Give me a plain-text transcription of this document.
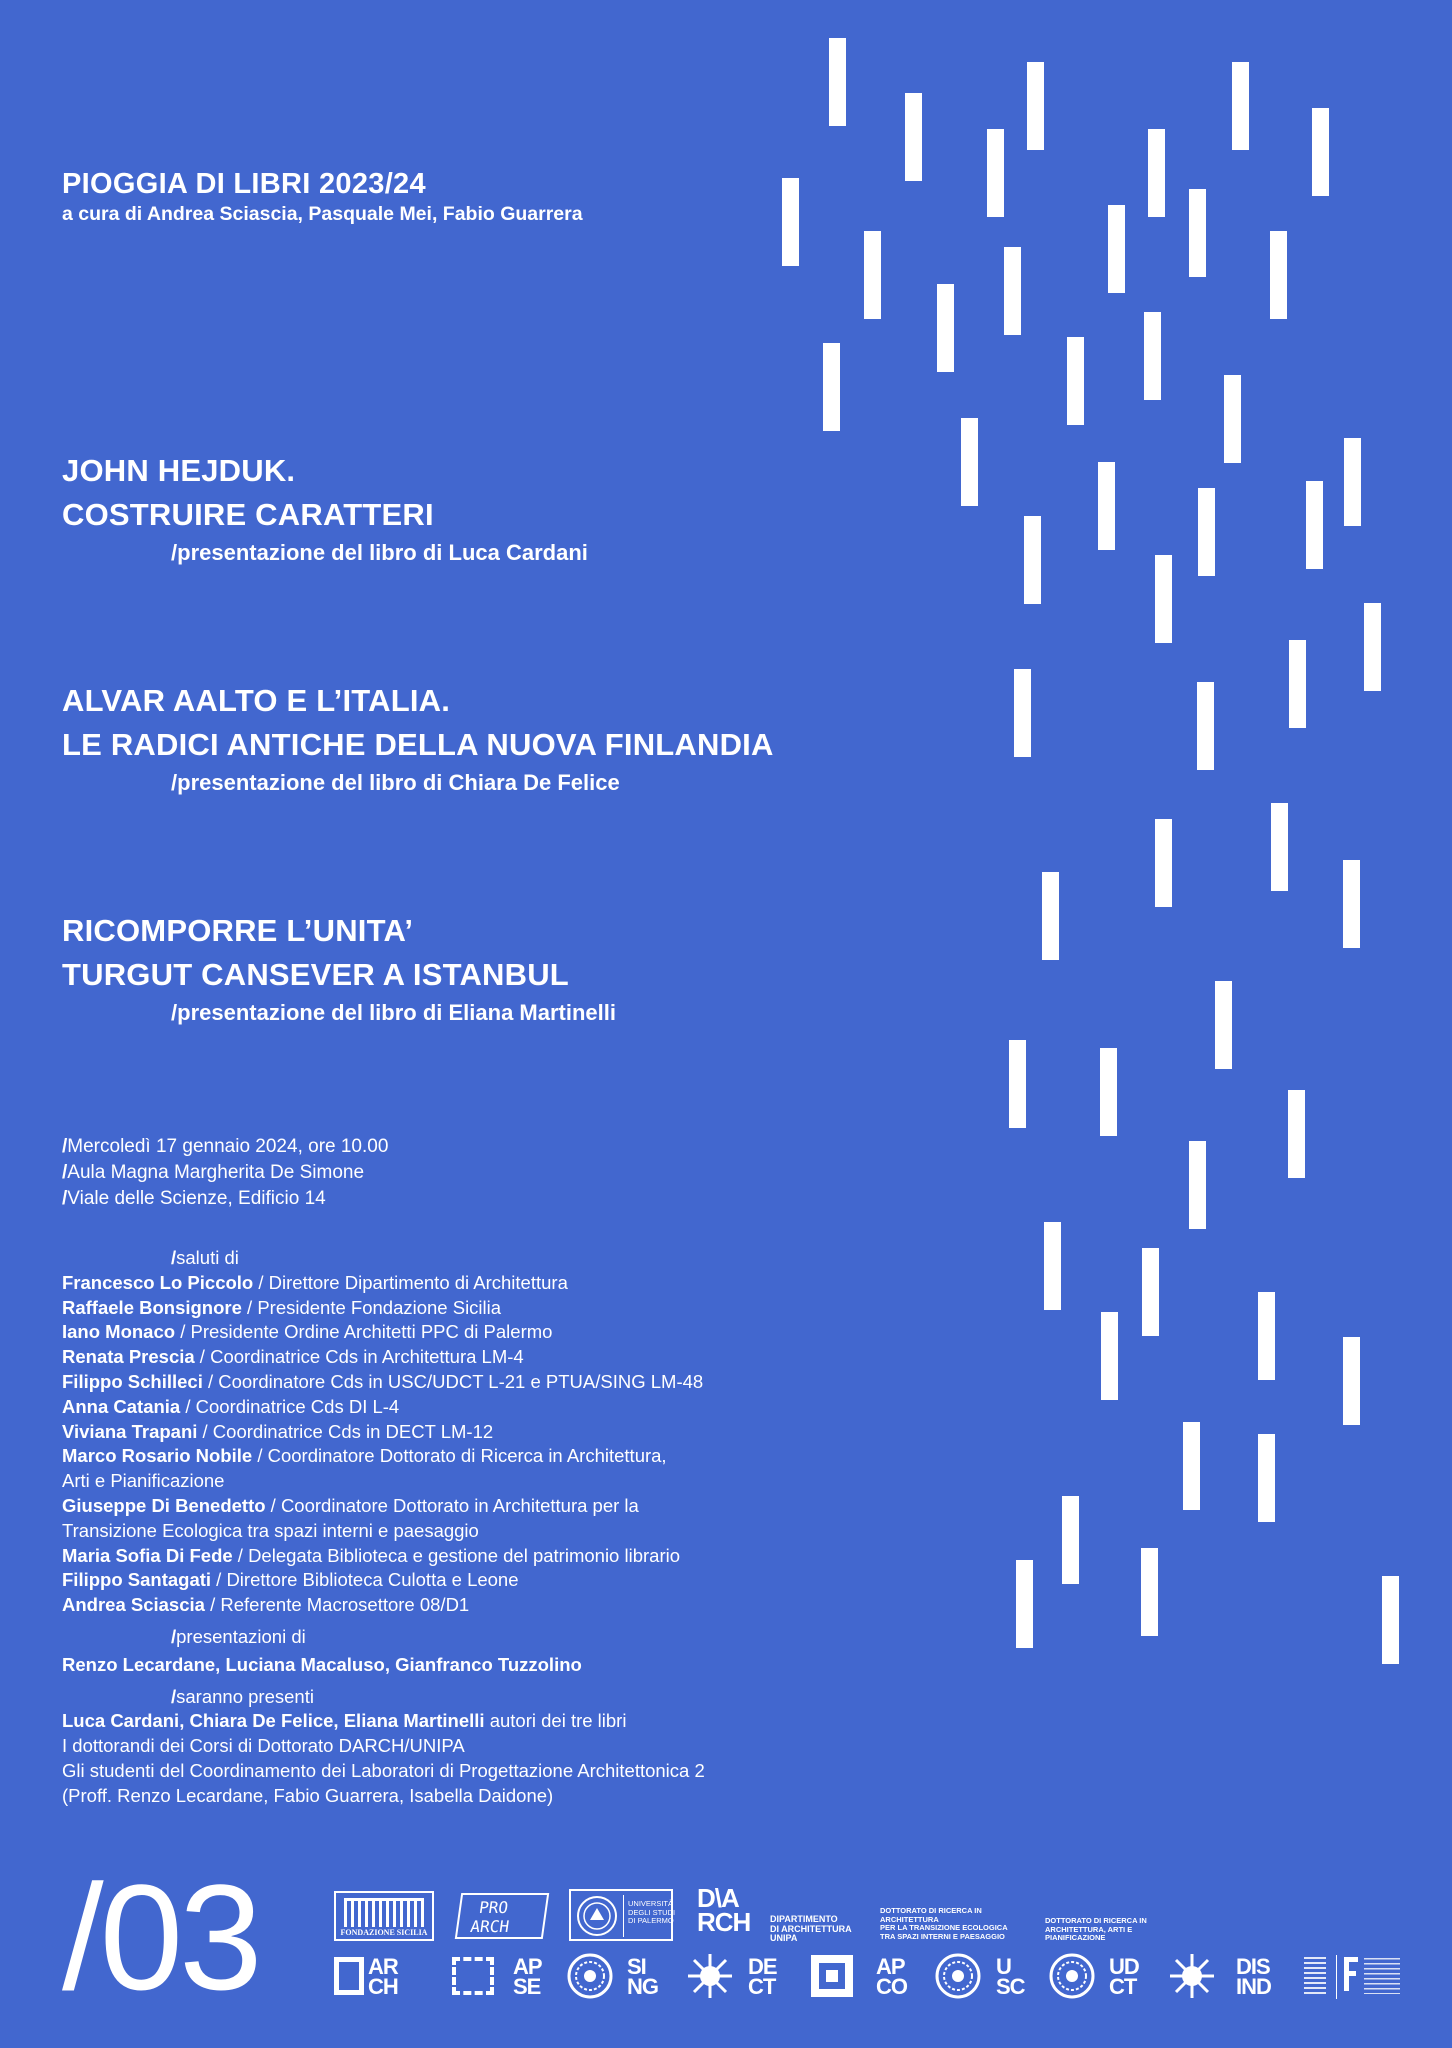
PIOGGIA DI LIBRI 2023/24
a cura di Andrea Sciascia, Pasquale Mei, Fabio Guarrera
JOHN HEJDUK.
COSTRUIRE CARATTERI
/presentazione del libro di Luca Cardani
ALVAR AALTO E L’ITALIA.
LE RADICI ANTICHE DELLA NUOVA FINLANDIA
/presentazione del libro di Chiara De Felice
RICOMPORRE L’UNITA’
TURGUT CANSEVER A ISTANBUL
/presentazione del libro di Eliana Martinelli
/Mercoledì 17 gennaio 2024, ore 10.00
/Aula Magna Margherita De Simone
/Viale delle Scienze, Edificio 14
/saluti di
Francesco Lo Piccolo / Direttore Dipartimento di Architettura
Raffaele Bonsignore / Presidente Fondazione Sicilia
Iano Monaco / Presidente Ordine Architetti PPC di Palermo
Renata Prescia / Coordinatrice Cds in Architettura LM-4
Filippo Schilleci / Coordinatore Cds in USC/UDCT L-21 e PTUA/SING LM-48
Anna Catania / Coordinatrice Cds DI L-4
Viviana Trapani / Coordinatrice Cds in DECT LM-12
Marco Rosario Nobile / Coordinatore Dottorato di Ricerca in Architettura,
Arti e Pianificazione
Giuseppe Di Benedetto / Coordinatore Dottorato in Architettura per la
Transizione Ecologica tra spazi interni e paesaggio
Maria Sofia Di Fede / Delegata Biblioteca e gestione del patrimonio librario
Filippo Santagati / Direttore Biblioteca Culotta e Leone
Andrea Sciascia / Referente Macrosettore 08/D1
/presentazioni di
Renzo Lecardane, Luciana Macaluso, Gianfranco Tuzzolino
/saranno presenti
Luca Cardani, Chiara De Felice, Eliana Martinelli autori dei tre libri
I dottorandi dei Corsi di Dottorato DARCH/UNIPA
Gli studenti del Coordinamento dei Laboratori di Progettazione Architettonica 2
(Proff. Renzo Lecardane, Fabio Guarrera, Isabella Daidone)
/03	FONDAZIONE SICILIA
PRO
ARCH
UNIVERSITÀ
DEGLI STUDI
DI PALERMO
D\A
RCH DIPARTIMENTO
DI ARCHITETTURA
UNIPA
DOTTORATO DI RICERCA IN
ARCHITETTURA
PER LA TRANSIZIONE ECOLOGICA
TRA SPAZI INTERNI E PAESAGGIO
DOTTORATO DI RICERCA IN
ARCHITETTURA, ARTI E
PIANIFICAZIONE
AR
CH
AP
SE
SI
NG
DE
CT
AP
CO
U
SC
UD
CT
DIS
IND
